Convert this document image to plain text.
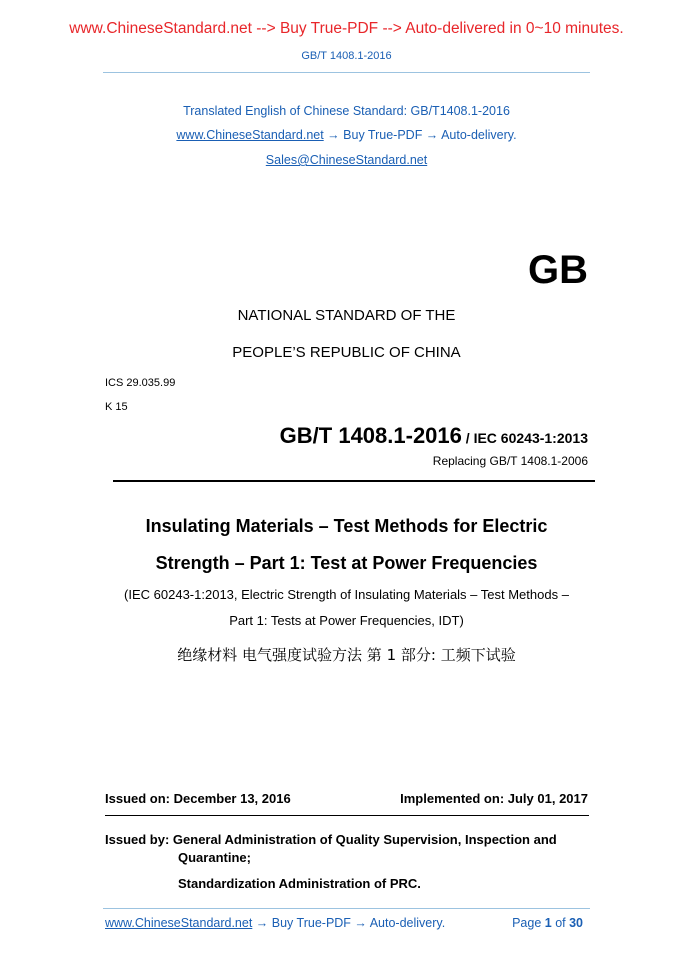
www.ChineseStandard.net --> Buy True-PDF --> Auto-delivered in 0~10 minutes.
GB/T 1408.1-2016
Translated English of Chinese Standard: GB/T1408.1-2016
www.ChineseStandard.net → Buy True-PDF → Auto-delivery.
Sales@ChineseStandard.net
GB
NATIONAL STANDARD OF THE
PEOPLE’S REPUBLIC OF CHINA
ICS 29.035.99
K 15
GB/T 1408.1-2016 / IEC 60243-1:2013
Replacing GB/T 1408.1-2006
Insulating Materials – Test Methods for Electric
Strength – Part 1: Test at Power Frequencies
(IEC 60243-1:2013, Electric Strength of Insulating Materials – Test Methods –
Part 1: Tests at Power Frequencies, IDT)
绝缘材料 电气强度试验方法 第 1 部分: 工频下试验
Issued on: December 13, 2016	Implemented on: July 01, 2017
Issued by: General Administration of Quality Supervision, Inspection and
Quarantine;
Standardization Administration of PRC.
www.ChineseStandard.net → Buy True-PDF → Auto-delivery.	Page 1 of 30
